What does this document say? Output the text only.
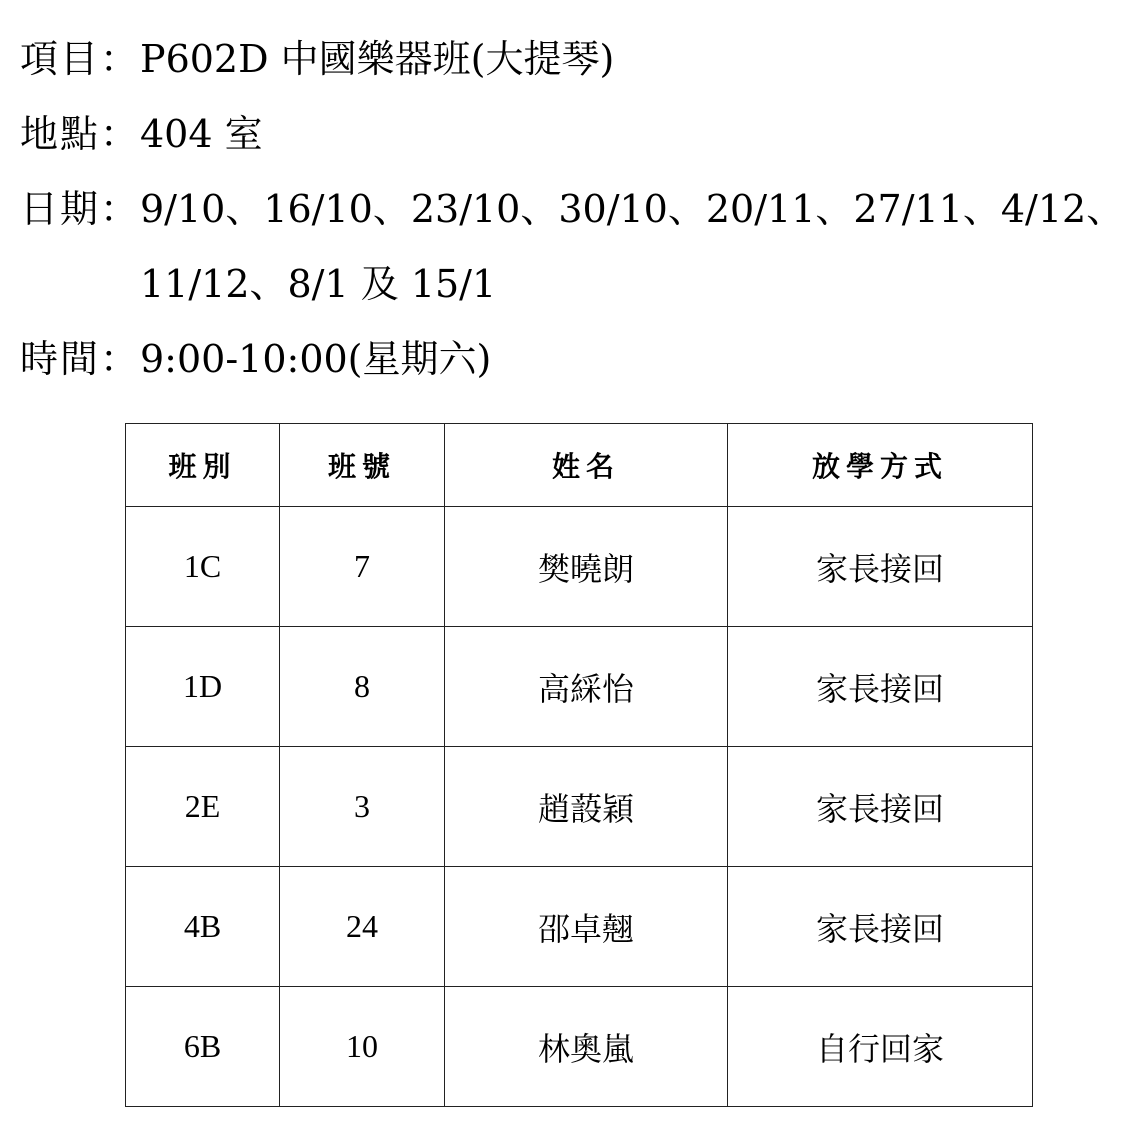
項目： P602D 中國樂器班(大提琴)
地點： 404 室
日期： 9/10、16/10、23/10、30/10、20/11、27/11、4/12、
11/12、8/1 及 15/1
時間： 9:00-10:00(星期六)
班別	班號	姓名	放學方式
1C	7	樊曉朗	家長接回
1D	8	高綵怡	家長接回
2E	3	趙蔎穎	家長接回
4B	24	邵卓翹	家長接回
6B	10	林奧嵐	自行回家
